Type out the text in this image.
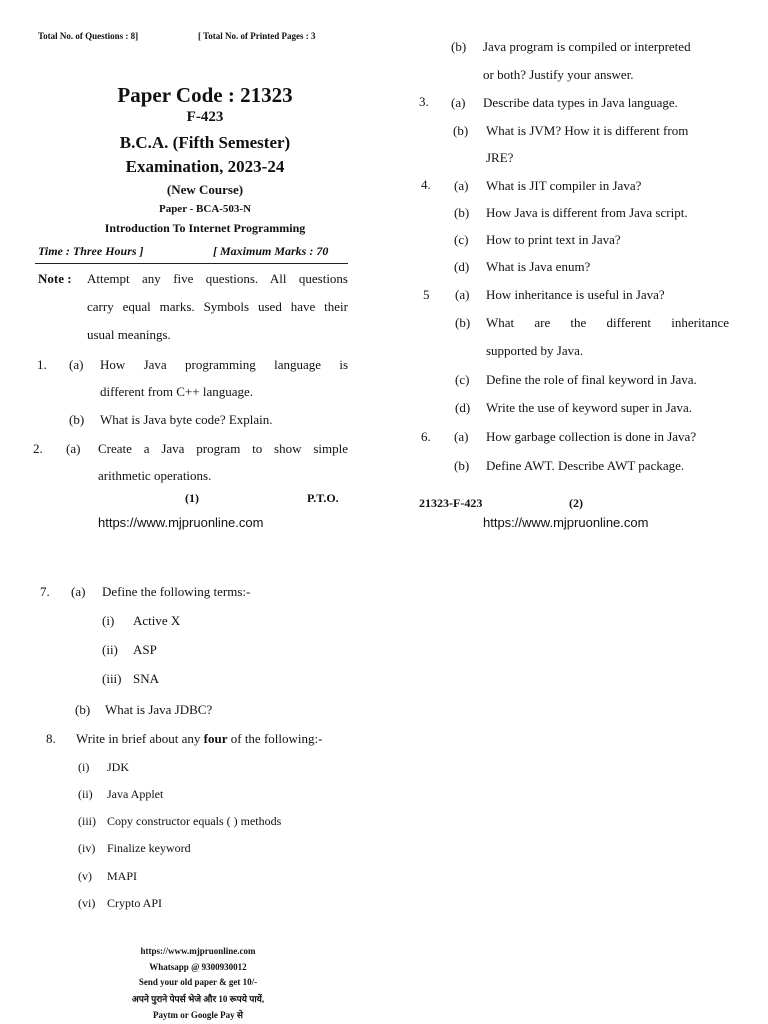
Total No. of Questions : 8]	[ Total No. of Printed Pages : 3
Paper Code : 21323
F-423
B.C.A. (Fifth Semester)
Examination, 2023-24
(New Course)
Paper - BCA-503-N
Introduction To Internet Programming
Time : Three Hours ]	[ Maximum Marks : 70
Note : Attempt any five questions. All questions
carry equal marks. Symbols used have their
usual meanings.
1. (a) How Java programming language is
different from C++ language.
(b) What is Java byte code? Explain.
2. (a) Create a Java program to show simple
arithmetic operations.
(1)	P.T.O.
https://www.mjpruonline.com
(b) Java program is compiled or interpreted
or both? Justify your answer.
3. (a) Describe data types in Java language.
(b) What is JVM? How it is different from
JRE?
4. (a) What is JIT compiler in Java?
(b) How Java is different from Java script.
(c) How to print text in Java?
(d) What is Java enum?
5 (a) How inheritance is useful in Java?
(b) What are the different inheritance
supported by Java.
(c) Define the role of final keyword in Java.
(d) Write the use of keyword super in Java.
6. (a) How garbage collection is done in Java?
(b) Define AWT. Describe AWT package.
21323-F-423	(2)
https://www.mjpruonline.com
7. (a) Define the following terms:-
(i) Active X
(ii) ASP
(iii) SNA
(b) What is Java JDBC?
8. Write in brief about any four of the following:-
(i) JDK
(ii) Java Applet
(iii) Copy constructor equals ( ) methods
(iv) Finalize keyword
(v) MAPI
(vi) Crypto API
https://www.mjpruonline.com
Whatsapp @ 9300930012
Send your old paper & get 10/-
अपने पुराने पेपर्स भेजे और 10 रूपये पायें,
Paytm or Google Pay से
